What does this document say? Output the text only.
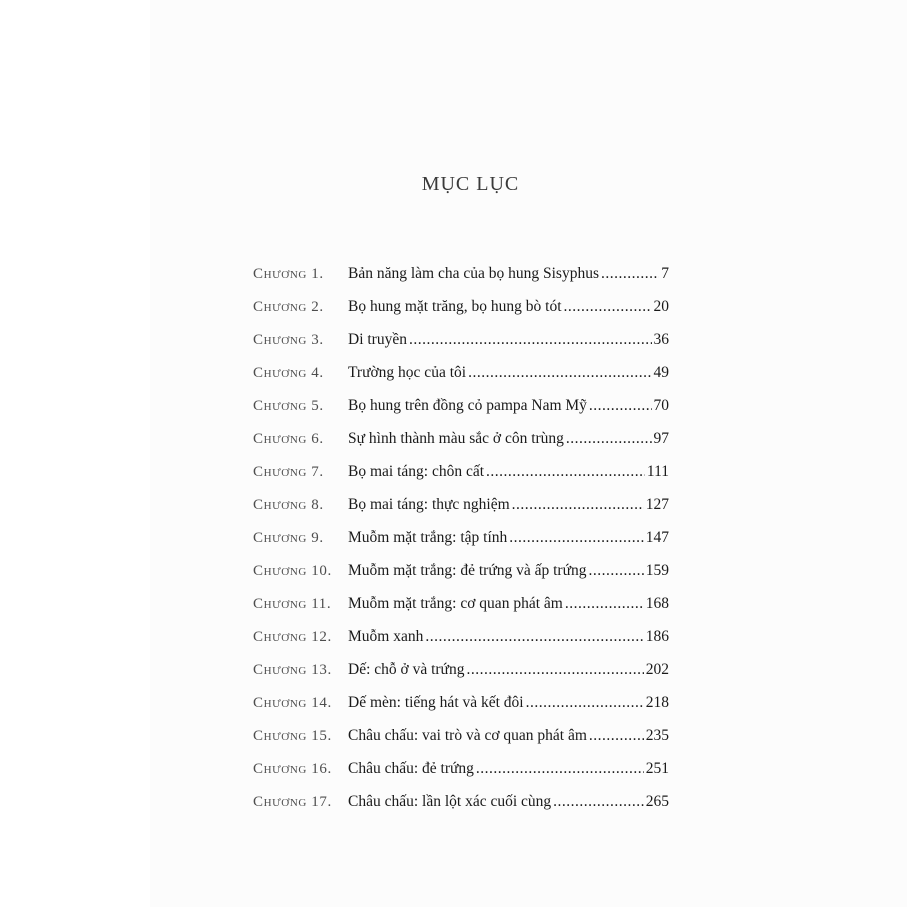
MỤC LỤC
Chương 1.	Bản năng làm cha của bọ hung Sisyphus .....	7
Chương 2.	Bọ hung mặt trăng, bọ hung bò tót .....	20
Chương 3.	Di truyền .....	36
Chương 4.	Trường học của tôi .....	49
Chương 5.	Bọ hung trên đồng cỏ pampa Nam Mỹ .....	70
Chương 6.	Sự hình thành màu sắc ở côn trùng .....	97
Chương 7.	Bọ mai táng: chôn cất .....	111
Chương 8.	Bọ mai táng: thực nghiệm .....	127
Chương 9.	Muỗm mặt trắng: tập tính .....	147
Chương 10.	Muỗm mặt trắng: đẻ trứng và ấp trứng .....	159
Chương 11.	Muỗm mặt trắng: cơ quan phát âm .....	168
Chương 12.	Muỗm xanh .....	186
Chương 13.	Dế: chỗ ở và trứng .....	202
Chương 14.	Dế mèn: tiếng hát và kết đôi .....	218
Chương 15.	Châu chấu: vai trò và cơ quan phát âm .....	235
Chương 16.	Châu chấu: đẻ trứng .....	251
Chương 17.	Châu chấu: lần lột xác cuối cùng .....	265
